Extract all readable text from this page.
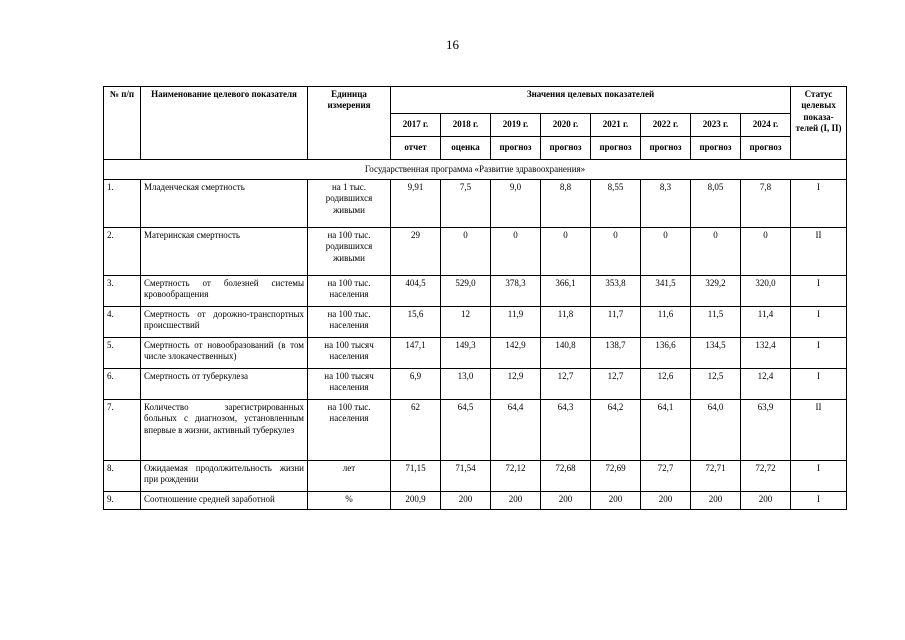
16
№ п/п	Наименование целевого показателя	Единица измерения	Значения целевых показателей								Статус целевых показа-телей (I, II)
			2017 г.	2018 г.	2019 г.	2020 г.	2021 г.	2022 г.	2023 г.	2024 г.	
			отчет	оценка	прогноз	прогноз	прогноз	прогноз	прогноз	прогноз	
Государственная программа «Развитие здравоохранения»											
1.	Младенческая смертность	на 1 тыс. родившихся живыми	9,91	7,5	9,0	8,8	8,55	8,3	8,05	7,8	I
2.	Материнская смертность	на 100 тыс. родившихся живыми	29	0	0	0	0	0	0	0	II
3.	Смертность от болезней системы кровообращения	на 100 тыс. населения	404,5	529,0	378,3	366,1	353,8	341,5	329,2	320,0	I
4.	Смертность от дорожно-транспортных происшествий	на 100 тыс. населения	15,6	12	11,9	11,8	11,7	11,6	11,5	11,4	I
5.	Смертность от новообразований (в том числе злокачественных)	на 100 тысяч населения	147,1	149,3	142,9	140,8	138,7	136,6	134,5	132,4	I
6.	Смертность от туберкулеза	на 100 тысяч населения	6,9	13,0	12,9	12,7	12,7	12,6	12,5	12,4	I
7.	Количество зарегистрированных больных с диагнозом, установленным впервые в жизни, активный туберкулез	на 100 тыс. населения	62	64,5	64,4	64,3	64,2	64,1	64,0	63,9	II
8.	Ожидаемая продолжительность жизни при рождении	лет	71,15	71,54	72,12	72,68	72,69	72,7	72,71	72,72	I
9.	Соотношение средней заработной	%	200,9	200	200	200	200	200	200	200	I
